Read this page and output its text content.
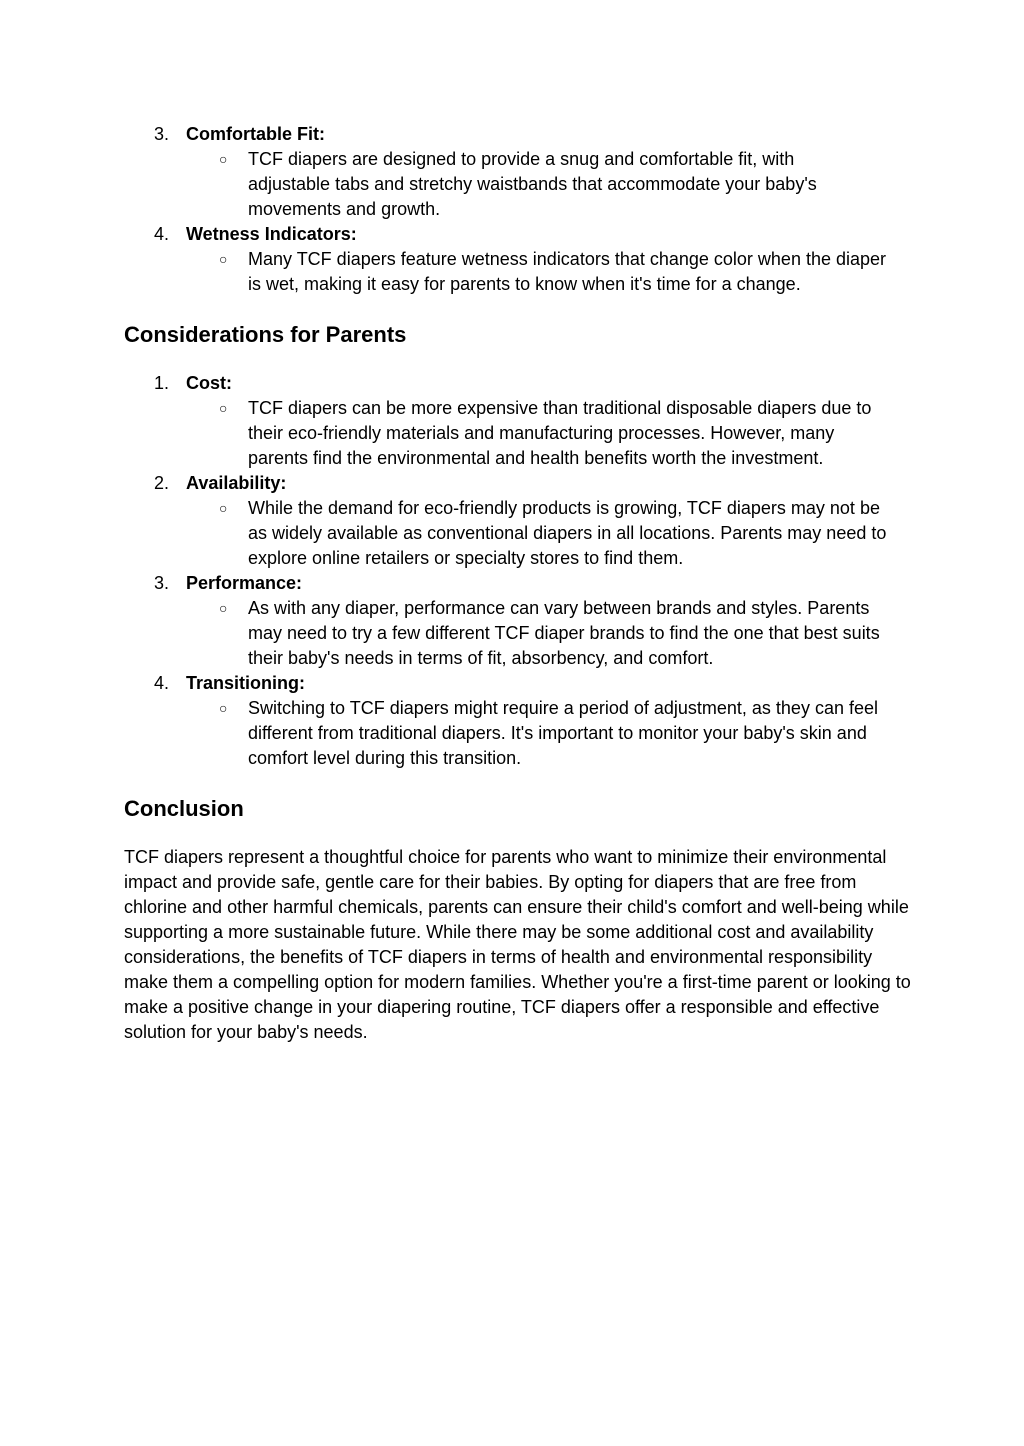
3. Comfortable Fit:
○ TCF diapers are designed to provide a snug and comfortable fit, with adjustable tabs and stretchy waistbands that accommodate your baby's movements and growth.
4. Wetness Indicators:
○ Many TCF diapers feature wetness indicators that change color when the diaper is wet, making it easy for parents to know when it's time for a change.
Considerations for Parents
1. Cost:
○ TCF diapers can be more expensive than traditional disposable diapers due to their eco-friendly materials and manufacturing processes. However, many parents find the environmental and health benefits worth the investment.
2. Availability:
○ While the demand for eco-friendly products is growing, TCF diapers may not be as widely available as conventional diapers in all locations. Parents may need to explore online retailers or specialty stores to find them.
3. Performance:
○ As with any diaper, performance can vary between brands and styles. Parents may need to try a few different TCF diaper brands to find the one that best suits their baby's needs in terms of fit, absorbency, and comfort.
4. Transitioning:
○ Switching to TCF diapers might require a period of adjustment, as they can feel different from traditional diapers. It's important to monitor your baby's skin and comfort level during this transition.
Conclusion

TCF diapers represent a thoughtful choice for parents who want to minimize their environmental impact and provide safe, gentle care for their babies. By opting for diapers that are free from chlorine and other harmful chemicals, parents can ensure their child's comfort and well-being while supporting a more sustainable future. While there may be some additional cost and availability considerations, the benefits of TCF diapers in terms of health and environmental responsibility make them a compelling option for modern families. Whether you're a first-time parent or looking to make a positive change in your diapering routine, TCF diapers offer a responsible and effective solution for your baby's needs.
